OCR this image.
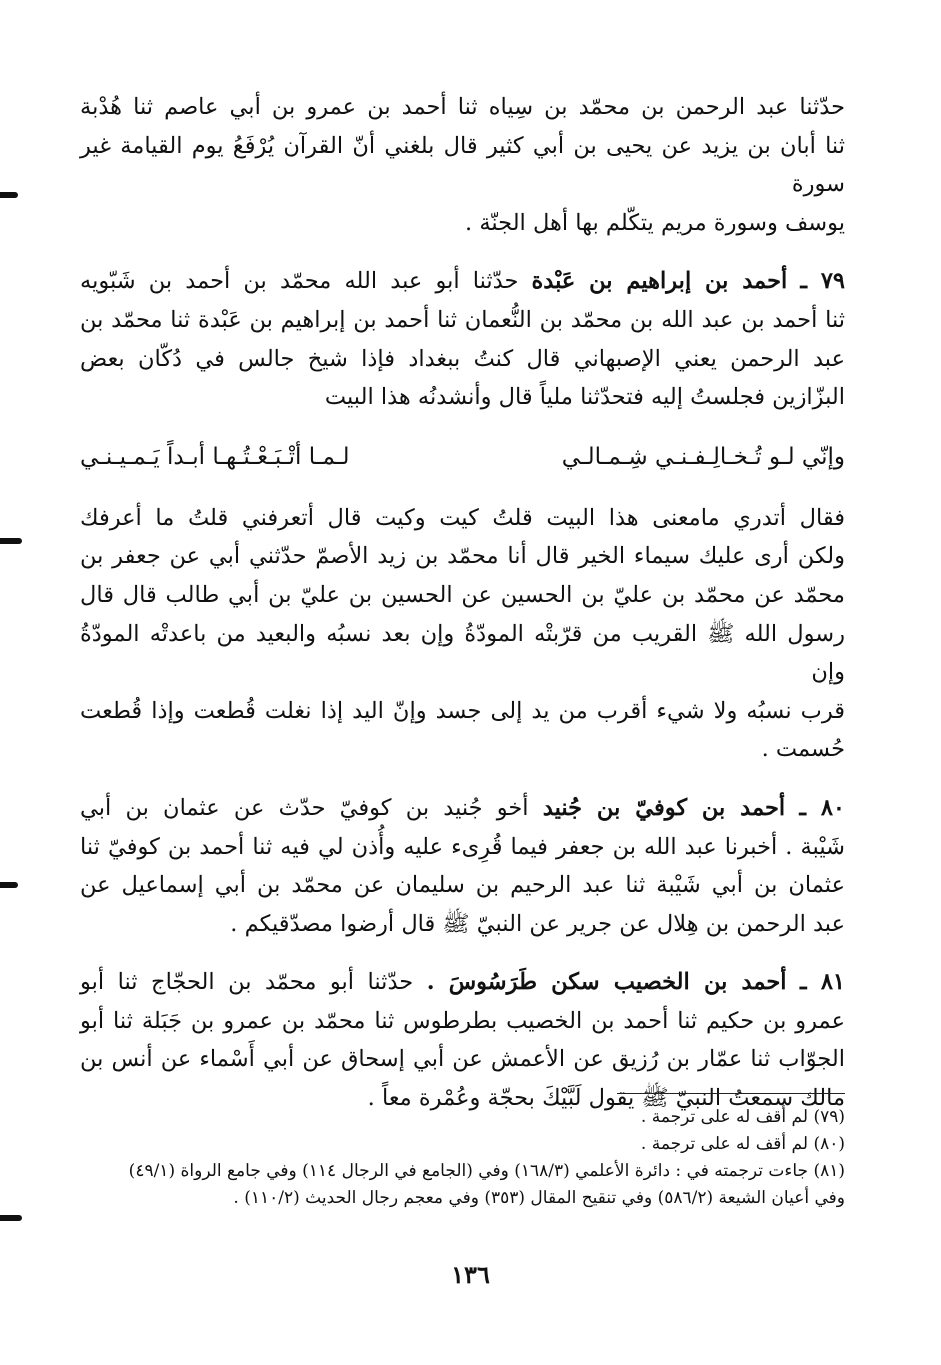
حدّثنا عبد الرحمن بن محمّد بن سِياه ثنا أحمد بن عمرو بن أبي عاصم ثنا هُدْبة
ثنا أبان بن يزيد عن يحيى بن أبي كثير قال بلغني أنّ القرآن يُرْفَعُ يوم القيامة غير سورة
يوسف وسورة مريم يتكّلم بها أهل الجنّة .

٧٩ ـ أحمد بن إبراهيم بن عَبْدة حدّثنا أبو عبد الله محمّد بن أحمد بن شَبّويه
ثنا أحمد بن عبد الله بن محمّد بن النُّعمان ثنا أحمد بن إبراهيم بن عَبْدة ثنا محمّد بن
عبد الرحمن يعني الإصبهاني قال كنتُ ببغداد فإذا شيخ جالس في دُكّان بعض
البزّازين فجلستُ إليه فتحدّثنا ملياً قال وأنشدنُه هذا البيت

وإنّي لـو تُـخـالِـفـنـي شِـمـالـي
لـمـا أتْـبَـعْـتُـهـا أبـداً يَـمـيـنـي

فقال أتدري مامعنى هذا البيت قلتُ كيت وكيت قال أتعرفني قلتُ ما أعرفك
ولكن أرى عليك سيماء الخير قال أنا محمّد بن زيد الأصمّ حدّثني أبي عن جعفر بن
محمّد عن محمّد بن عليّ بن الحسين عن الحسين بن عليّ بن أبي طالب قال قال
رسول الله ﷺ القريب من قرّبتْه المودّةُ وإن بعد نسبُه والبعيد من باعدتْه المودّةُ وإن
قرب نسبُه ولا شيء أقرب من يد إلى جسد وإنّ اليد إذا نغلت قُطعت وإذا قُطعت
حُسمت .

٨٠ ـ أحمد بن كوفيّ بن جُنيد أخو جُنيد بن كوفيّ حدّث عن عثمان بن أبي
شَيْبة . أخبرنا عبد الله بن جعفر فيما قُرِىء عليه وأُذن لي فيه ثنا أحمد بن كوفيّ ثنا
عثمان بن أبي شَيْبة ثنا عبد الرحيم بن سليمان عن محمّد بن أبي إسماعيل عن
عبد الرحمن بن هِلال عن جرير عن النبيّ ﷺ قال أرضوا مصدّقيكم .

٨١ ـ أحمد بن الخصيب سكن طَرَسُوسَ . حدّثنا أبو محمّد بن الحجّاج ثنا أبو
عمرو بن حكيم ثنا أحمد بن الخصيب بطرطوس ثنا محمّد بن عمرو بن جَبَلة ثنا أبو
الجوّاب ثنا عمّار بن رُزيق عن الأعمش عن أبي إسحاق عن أبي أَسْماء عن أنس بن
مالك سمعتُ النبيّ ﷺ يقول لَبَّيْكَ بحجّة وعُمْرة معاً .

(٧٩) لم أقف له على ترجمة .
(٨٠) لم أقف له على ترجمة .
(٨١) جاءت ترجمته في : دائرة الأعلمي (١٦٨/٣) وفي (الجامع في الرجال ١١٤) وفي جامع الرواة (٤٩/١)
وفي أعيان الشيعة (٥٨٦/٢) وفي تنقيح المقال (٣٥٣) وفي معجم رجال الحديث (١١٠/٢) .
١٣٦
